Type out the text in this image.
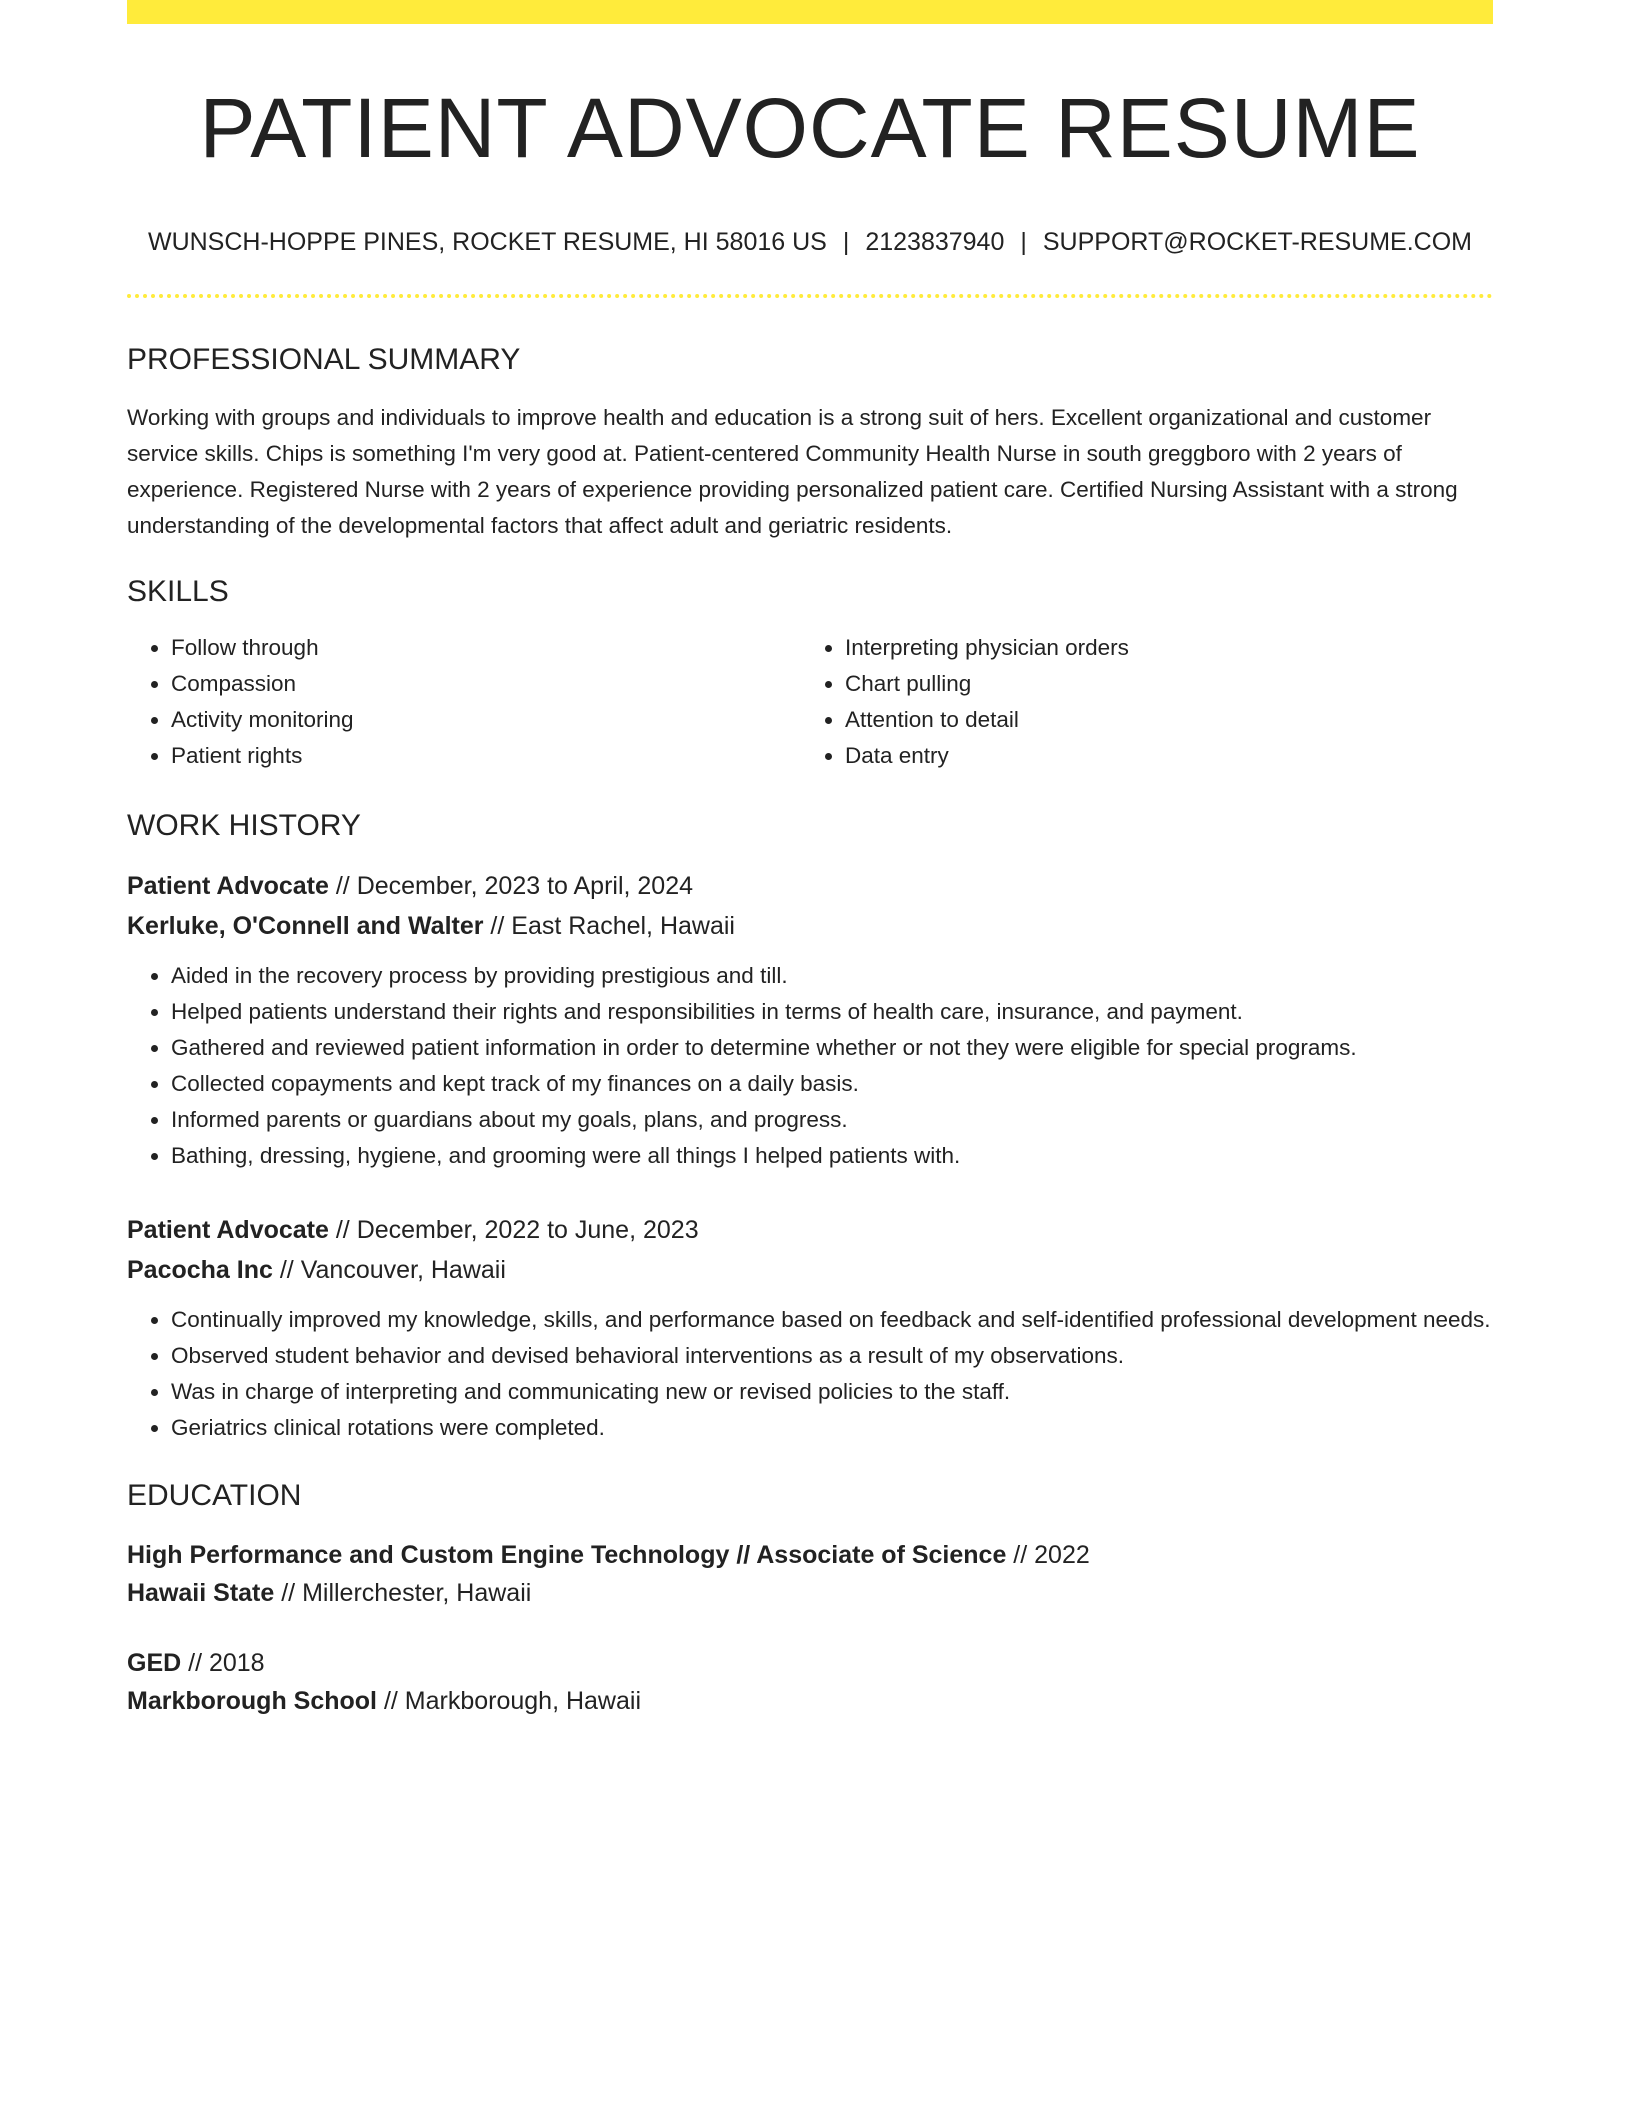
PATIENT ADVOCATE RESUME
WUNSCH-HOPPE PINES, ROCKET RESUME, HI 58016 US | 2123837940 | SUPPORT@ROCKET-RESUME.COM
PROFESSIONAL SUMMARY
Working with groups and individuals to improve health and education is a strong suit of hers. Excellent organizational and customer service skills. Chips is something I'm very good at. Patient-centered Community Health Nurse in south greggboro with 2 years of experience. Registered Nurse with 2 years of experience providing personalized patient care. Certified Nursing Assistant with a strong understanding of the developmental factors that affect adult and geriatric residents.
SKILLS
• Follow through
• Compassion
• Activity monitoring
• Patient rights
• Interpreting physician orders
• Chart pulling
• Attention to detail
• Data entry
WORK HISTORY
Patient Advocate // December, 2023 to April, 2024
Kerluke, O'Connell and Walter // East Rachel, Hawaii
• Aided in the recovery process by providing prestigious and till.
• Helped patients understand their rights and responsibilities in terms of health care, insurance, and payment.
• Gathered and reviewed patient information in order to determine whether or not they were eligible for special programs.
• Collected copayments and kept track of my finances on a daily basis.
• Informed parents or guardians about my goals, plans, and progress.
• Bathing, dressing, hygiene, and grooming were all things I helped patients with.
Patient Advocate // December, 2022 to June, 2023
Pacocha Inc // Vancouver, Hawaii
• Continually improved my knowledge, skills, and performance based on feedback and self-identified professional development needs.
• Observed student behavior and devised behavioral interventions as a result of my observations.
• Was in charge of interpreting and communicating new or revised policies to the staff.
• Geriatrics clinical rotations were completed.
EDUCATION
High Performance and Custom Engine Technology // Associate of Science // 2022
Hawaii State // Millerchester, Hawaii
GED // 2018
Markborough School // Markborough, Hawaii
